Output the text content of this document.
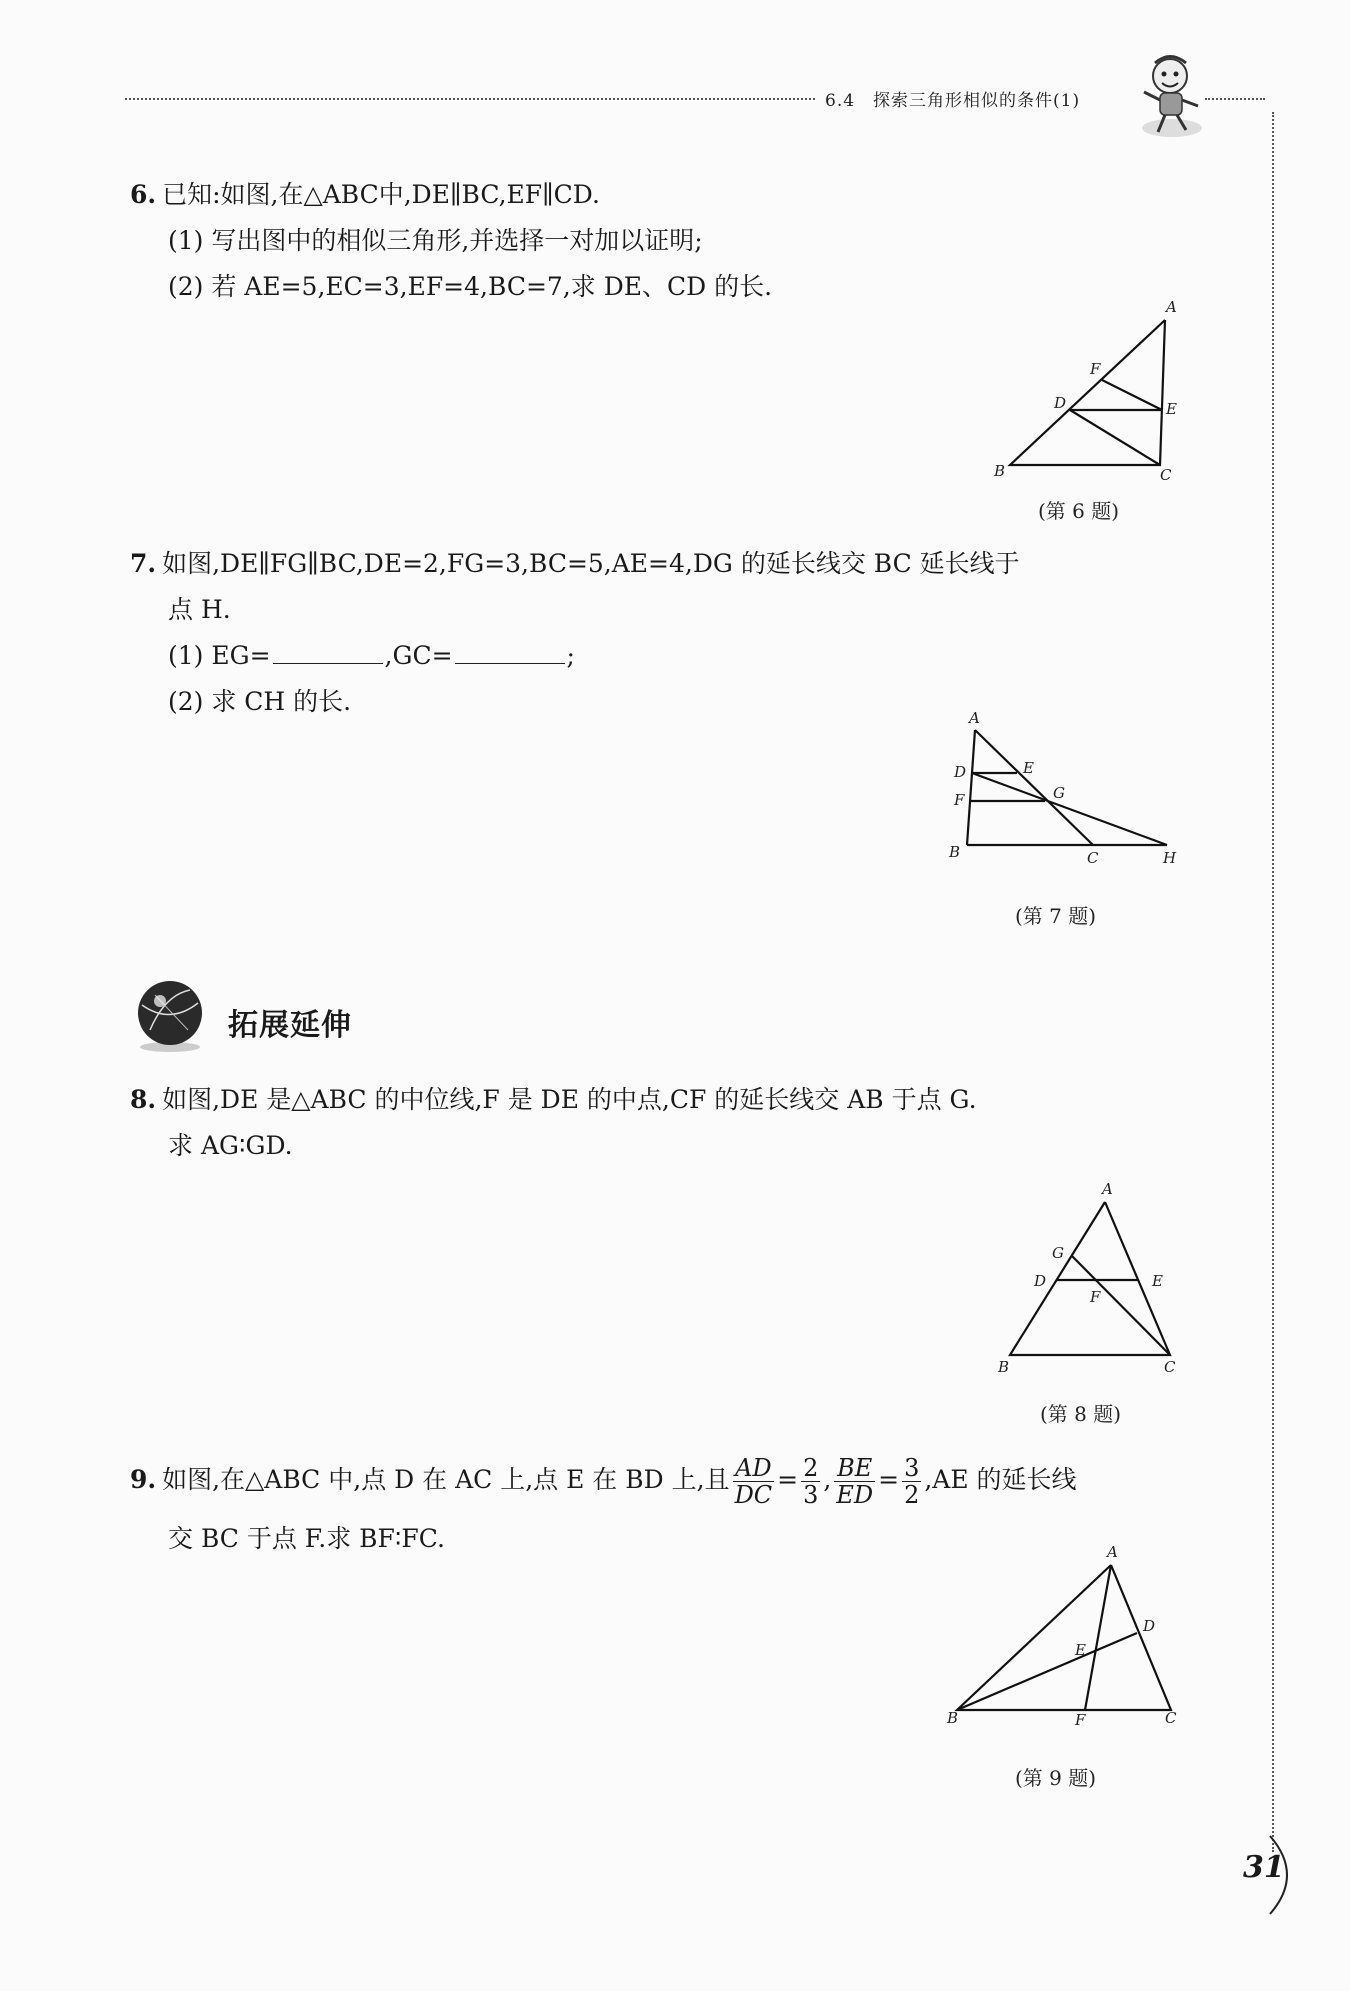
6.4　探索三角形相似的条件(1)
6. 已知:如图,在△ABC中,DE∥BC,EF∥CD.
(1) 写出图中的相似三角形,并选择一对加以证明;
(2) 若 AE=5,EC=3,EF=4,BC=7,求 DE、CD 的长.
A
B	C
D	E
F
(第 6 题)
7. 如图,DE∥FG∥BC,DE=2,FG=3,BC=5,AE=4,DG 的延长线交 BC 延长线于
点 H.
(1) EG=	,GC=	;
(2) 求 CH 的长.
A
B	C
D	E
F	G
H
(第 7 题)
拓展延伸
8. 如图,DE 是△ABC 的中位线,F 是 DE 的中点,CF 的延长线交 AB 于点 G.
求 AG∶GD.
A
B	C
D	E
F
G
(第 8 题)
9. 如图,在△ABC 中,点 D 在 AC 上,点 E 在 BD 上,且 $\frac{AD}{DC} = \frac{2}{3}$ , $\frac{BE}{ED} = \frac{3}{2} ,AE$ 的延长线
交 BC 于点 F.求 BF∶FC.	A
B	C
D
E
F
(第 9 题)
31
